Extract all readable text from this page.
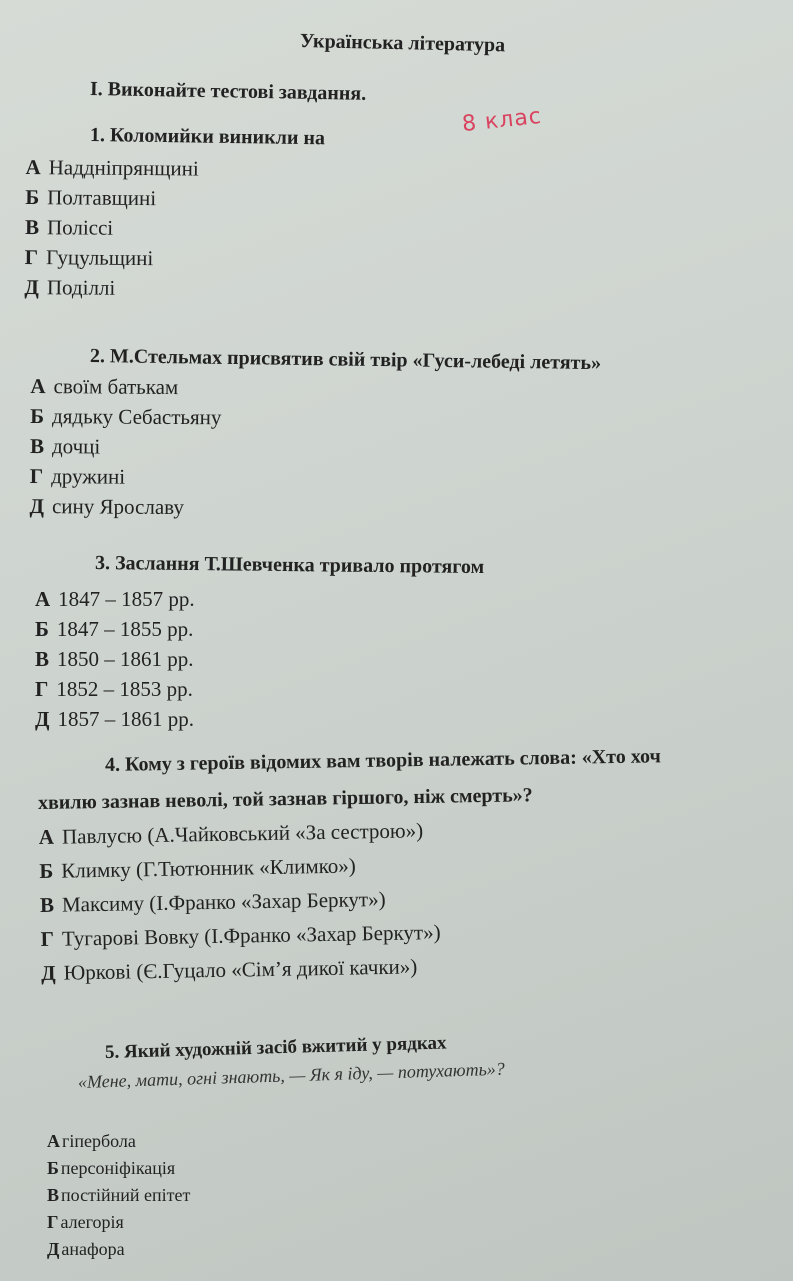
Українська література
І. Виконайте тестові завдання.
8 клас
1. Коломийки виникли на
А Наддніпрянщині
Б Полтавщині
В Поліссі
Г Гуцульщині
Д Поділлі
2. М.Стельмах присвятив свій твір «Гуси-лебеді летять»
А своїм батькам
Б дядьку Себастьяну
В дочці
Г дружині
Д сину Ярославу
3. Заслання Т.Шевченка тривало протягом
А 1847 – 1857 рр.
Б 1847 – 1855 рр.
В 1850 – 1861 рр.
Г 1852 – 1853 рр.
Д 1857 – 1861 рр.
4. Кому з героїв відомих вам творів належать слова: «Хто хоч
хвилю зазнав неволі, той зазнав гіршого, ніж смерть»?
А Павлусю (А.Чайковський «За сестрою»)
Б Климку (Г.Тютюнник «Климко»)
В Максиму (І.Франко «Захар Беркут»)
Г Тугарові Вовку (І.Франко «Захар Беркут»)
Д Юркові (Є.Гуцало «Сім’я дикої качки»)
5. Який художній засіб вжитий у рядках
«Мене, мати, огні знають, — Як я іду, — потухають»?
А гіпербола
Б персоніфікація
В постійний епітет
Г алегорія
Д анафора
